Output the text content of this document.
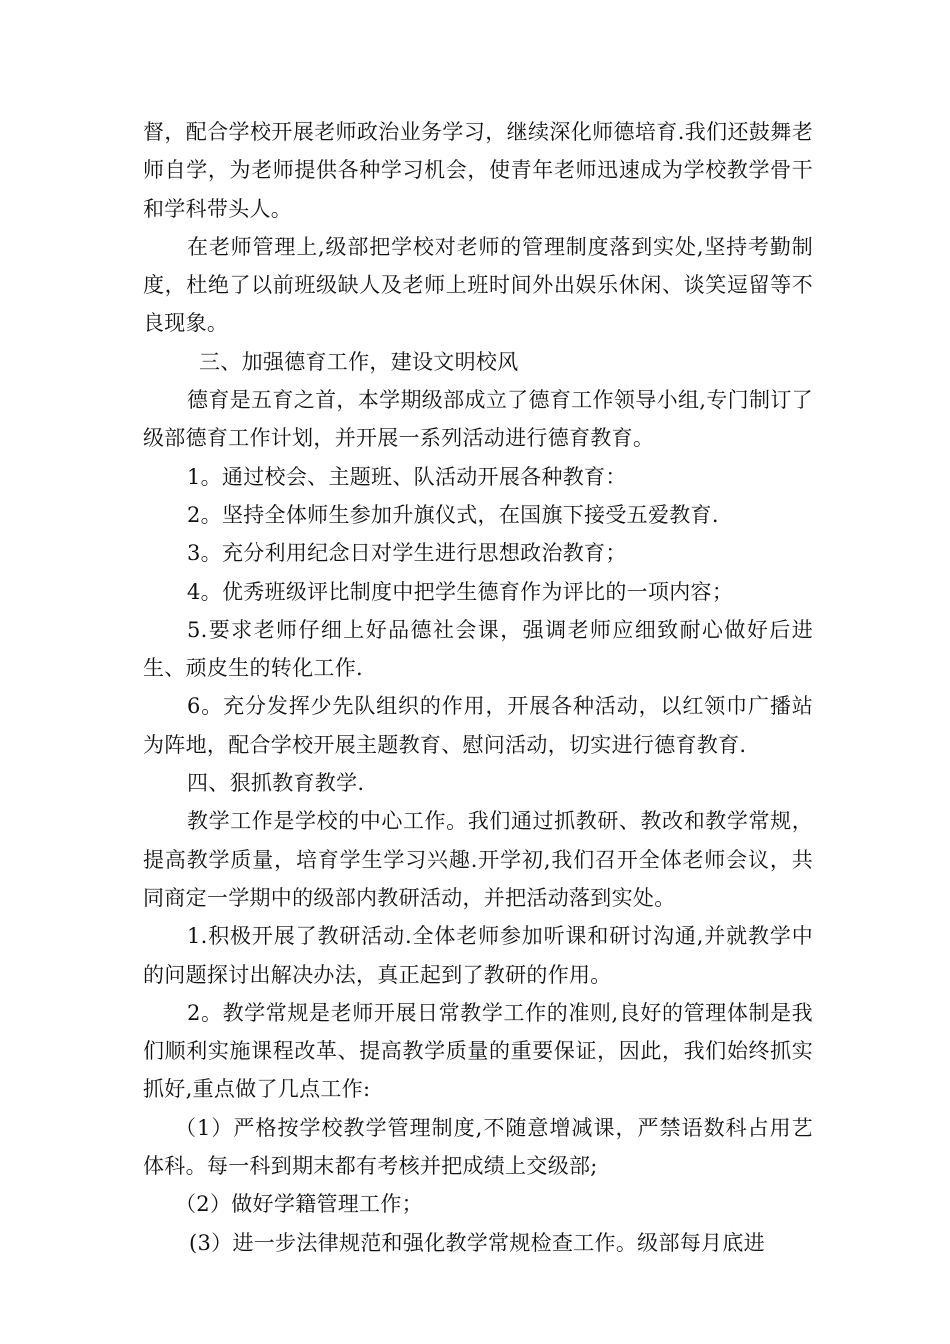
督，配合学校开展老师政治业务学习，继续深化师德培育.我们还鼓舞老师自学，为老师提供各种学习机会，使青年老师迅速成为学校教学骨干和学科带头人。

在老师管理上,级部把学校对老师的管理制度落到实处,坚持考勤制度，杜绝了以前班级缺人及老师上班时间外出娱乐休闲、谈笑逗留等不良现象。

三、加强德育工作，建设文明校风

德育是五育之首，本学期级部成立了德育工作领导小组,专门制订了级部德育工作计划，并开展一系列活动进行德育教育。

1。通过校会、主题班、队活动开展各种教育：

2。坚持全体师生参加升旗仪式，在国旗下接受五爱教育.

3。充分利用纪念日对学生进行思想政治教育；

4。优秀班级评比制度中把学生德育作为评比的一项内容；

5.要求老师仔细上好品德社会课，强调老师应细致耐心做好后进生、顽皮生的转化工作.

6。充分发挥少先队组织的作用，开展各种活动，以红领巾广播站为阵地，配合学校开展主题教育、慰问活动，切实进行德育教育.

四、狠抓教育教学.

教学工作是学校的中心工作。我们通过抓教研、教改和教学常规，提高教学质量，培育学生学习兴趣.开学初,我们召开全体老师会议，共同商定一学期中的级部内教研活动，并把活动落到实处。

1.积极开展了教研活动.全体老师参加听课和研讨沟通,并就教学中的问题探讨出解决办法，真正起到了教研的作用。

2。教学常规是老师开展日常教学工作的准则,良好的管理体制是我们顺利实施课程改革、提高教学质量的重要保证，因此，我们始终抓实抓好,重点做了几点工作:

（1）严格按学校教学管理制度,不随意增减课，严禁语数科占用艺体科。每一科到期末都有考核并把成绩上交级部;

（2）做好学籍管理工作；

(3）进一步法律规范和强化教学常规检查工作。级部每月底进
